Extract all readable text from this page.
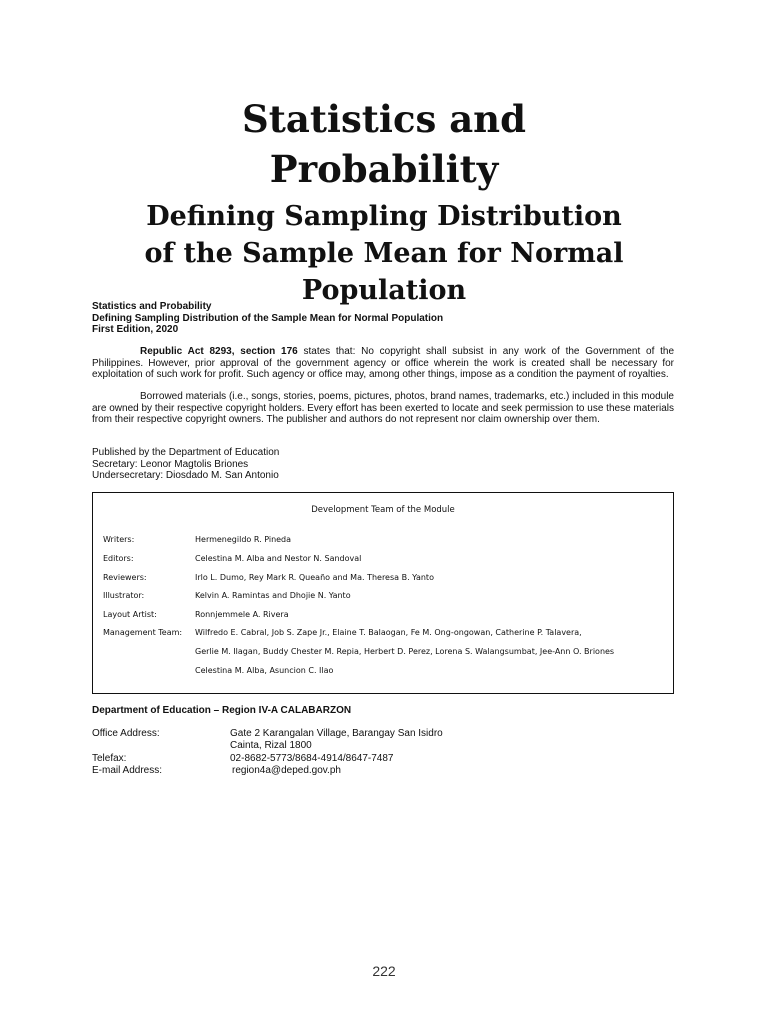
Statistics and
Probability
Defining Sampling Distribution
of the Sample Mean for Normal
Population
Statistics and Probability
Defining Sampling Distribution of the Sample Mean for Normal Population
First Edition, 2020

Republic Act 8293, section 176 states that: No copyright shall subsist in any work of the Government of the Philippines. However, prior approval of the government agency or office wherein the work is created shall be necessary for exploitation of such work for profit. Such agency or office may, among other things, impose as a condition the payment of royalties.

Borrowed materials (i.e., songs, stories, poems, pictures, photos, brand names, trademarks, etc.) included in this module are owned by their respective copyright holders. Every effort has been exerted to locate and seek permission to use these materials from their respective copyright owners. The publisher and authors do not represent nor claim ownership over them.

Published by the Department of Education
Secretary: Leonor Magtolis Briones
Undersecretary: Diosdado M. San Antonio
Development Team of the Module
Writers:	Hermenegildo R. Pineda
Editors:	Celestina M. Alba and Nestor N. Sandoval
Reviewers:	Irlo L. Dumo, Rey Mark R. Queaño and Ma. Theresa B. Yanto
Illustrator:	Kelvin A. Ramintas and Dhojie N. Yanto
Layout Artist:	Ronnjemmele A. Rivera
Management Team:	Wilfredo E. Cabral, Job S. Zape Jr., Elaine T. Balaogan, Fe M. Ong-ongowan, Catherine P. Talavera,
Gerlie M. Ilagan, Buddy Chester M. Repia, Herbert D. Perez, Lorena S. Walangsumbat, Jee-Ann O. Briones
Celestina M. Alba, Asuncion C. Ilao
Department of Education – Region IV-A CALABARZON
Office Address:	Gate 2 Karangalan Village, Barangay San Isidro
Cainta, Rizal 1800
Telefax:	02-8682-5773/8684-4914/8647-7487
E-mail Address:	region4a@deped.gov.ph
222
